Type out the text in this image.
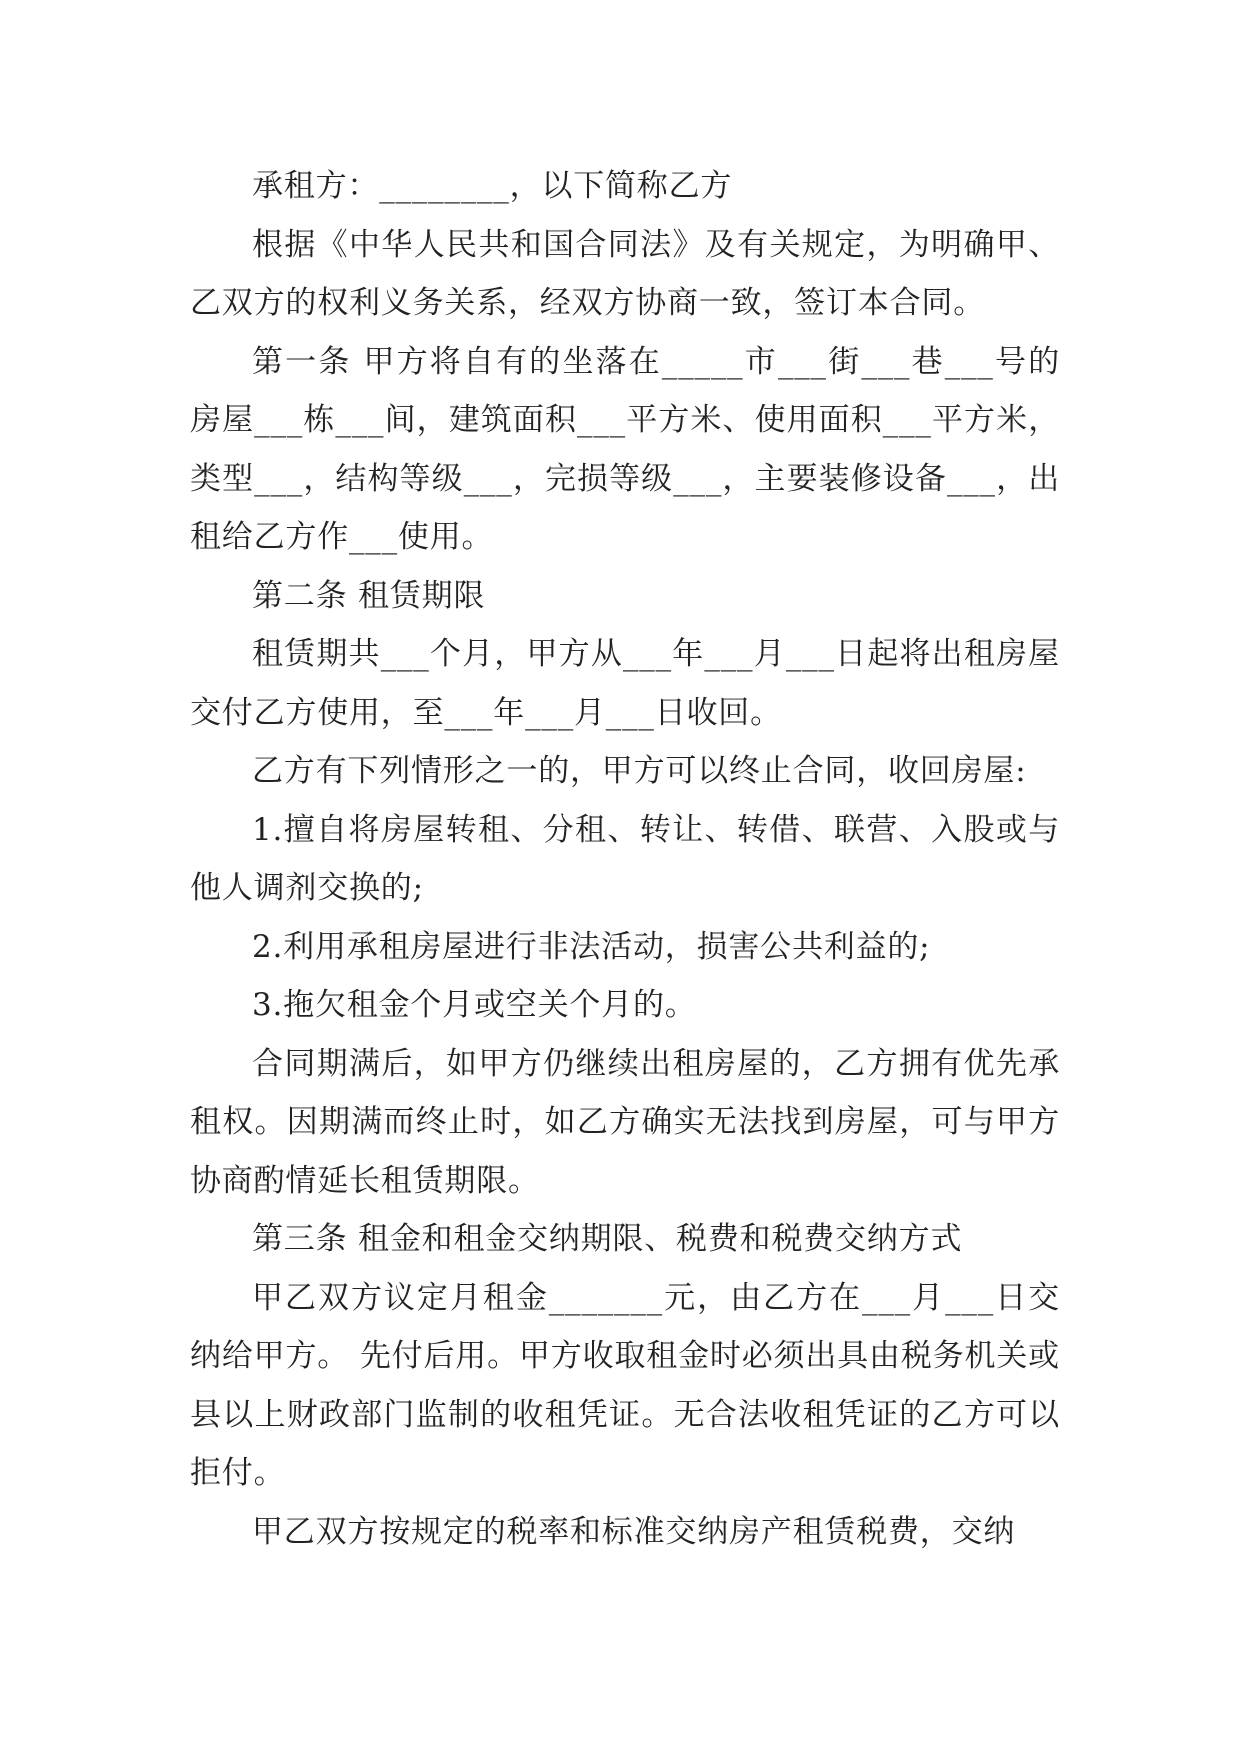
承租方：________，以下简称乙方

根据《中华人民共和国合同法》及有关规定，为明确甲、乙双方的权利义务关系，经双方协商一致，签订本合同。

第一条 甲方将自有的坐落在_____市___街___巷___号的房屋___栋___间，建筑面积___平方米、使用面积___平方米，类型___，结构等级___，完损等级___，主要装修设备___，出租给乙方作___使用。

第二条 租赁期限

租赁期共___个月，甲方从___年___月___日起将出租房屋交付乙方使用，至___年___月___日收回。

乙方有下列情形之一的，甲方可以终止合同，收回房屋:

1.擅自将房屋转租、分租、转让、转借、联营、入股或与他人调剂交换的;

2.利用承租房屋进行非法活动，损害公共利益的;

3.拖欠租金个月或空关个月的。

合同期满后，如甲方仍继续出租房屋的，乙方拥有优先承租权。因期满而终止时，如乙方确实无法找到房屋，可与甲方协商酌情延长租赁期限。

第三条 租金和租金交纳期限、税费和税费交纳方式

甲乙双方议定月租金_______元，由乙方在___月___日交纳给甲方。 先付后用。甲方收取租金时必须出具由税务机关或县以上财政部门监制的收租凭证。无合法收租凭证的乙方可以拒付。

甲乙双方按规定的税率和标准交纳房产租赁税费，交纳
